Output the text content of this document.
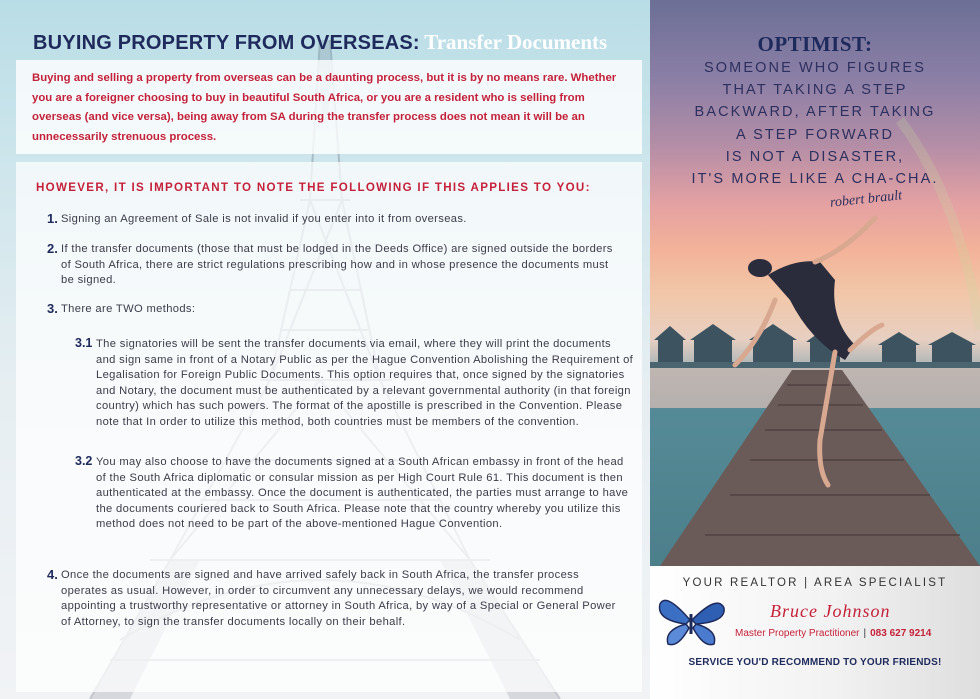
BUYING PROPERTY FROM OVERSEAS: Transfer Documents

Buying and selling a property from overseas can be a daunting process, but it is by no means rare. Whether you are a foreigner choosing to buy in beautiful South Africa, or you are a resident who is selling from overseas (and vice versa), being away from SA during the transfer process does not mean it will be an unnecessarily strenuous process.

HOWEVER, IT IS IMPORTANT TO NOTE THE FOLLOWING IF THIS APPLIES TO YOU:
1. Signing an Agreement of Sale is not invalid if you enter into it from overseas.
2. If the transfer documents (those that must be lodged in the Deeds Office) are signed outside the borders of South Africa, there are strict regulations prescribing how and in whose presence the documents must be signed.
3. There are TWO methods:
3.1 The signatories will be sent the transfer documents via email, where they will print the documents and sign same in front of a Notary Public as per the Hague Convention Abolishing the Requirement of Legalisation for Foreign Public Documents. This option requires that, once signed by the signatories and Notary, the document must be authenticated by a relevant governmental authority (in that foreign country) which has such powers. The format of the apostille is prescribed in the Convention. Please note that In order to utilize this method, both countries must be members of the convention.
3.2 You may also choose to have the documents signed at a South African embassy in front of the head of the South Africa diplomatic or consular mission as per High Court Rule 61. This document is then authenticated at the embassy. Once the document is authenticated, the parties must arrange to have the documents couriered back to South Africa. Please note that the country whereby you utilize this method does not need to be part of the above-mentioned Hague Convention.
4. Once the documents are signed and have arrived safely back in South Africa, the transfer process operates as usual. However, in order to circumvent any unnecessary delays, we would recommend appointing a trustworthy representative or attorney in South Africa, by way of a Special or General Power of Attorney, to sign the transfer documents locally on their behalf.
OPTIMIST:
SOMEONE WHO FIGURES
THAT TAKING A STEP
BACKWARD, AFTER TAKING
A STEP FORWARD
IS NOT A DISASTER,
IT'S MORE LIKE A CHA-CHA.
robert brault
YOUR REALTOR | AREA SPECIALIST
Bruce Johnson
Master Property Practitioner | 083 627 9214
SERVICE YOU'D RECOMMEND TO YOUR FRIENDS!
